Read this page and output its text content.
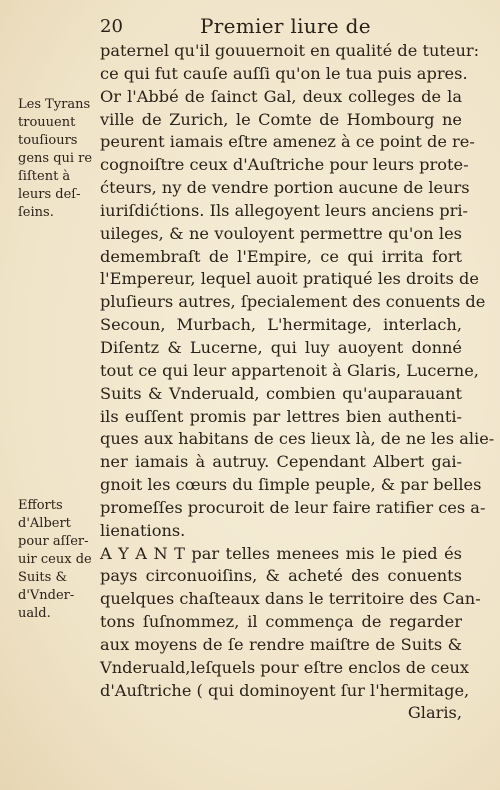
20	Premier liure de
paternel qu'il gouuernoit en qualité de tuteur:
ce qui fut cauſe auſſi qu'on le tua puis apres.
Or l'Abbé de ſainct Gal, deux colleges de la
ville de Zurich, le Comte de Hombourg ne
peurent iamais eſtre amenez à ce point de re-
cognoiſtre ceux d'Auſtriche pour leurs prote-
ćteurs, ny de vendre portion aucune de leurs
iuriſdićtions. Ils allegoyent leurs anciens pri-
uileges, & ne vouloyent permettre qu'on les
demembraſt de l'Empire, ce qui irrita fort
l'Empereur, lequel auoit pratiqué les droits de
pluſieurs autres, ſpecialement des conuents de
Secoun, Murbach, L'hermitage, interlach,
Diſentz & Lucerne, qui luy auoyent donné
tout ce qui leur appartenoit à Glaris, Lucerne,
Suits & Vnderuald, combien qu'auparauant
ils euſſent promis par lettres bien authenti-
ques aux habitans de ces lieux là, de ne les alie-
ner iamais à autruy. Cependant Albert gai-
gnoit les cœurs du ſimple peuple, & par belles
promeſſes procuroit de leur faire ratifier ces a-
lienations.
A Y A N T par telles menees mis le pied és
pays circonuoiſins, & acheté des conuents
quelques chaſteaux dans le territoire des Can-
tons ſuſnommez, il commença de regarder
aux moyens de ſe rendre maiſtre de Suits &
Vnderuald,leſquels pour eſtre enclos de ceux
d'Auſtriche ( qui dominoyent ſur l'hermitage,
Glaris,
Les Tyrans
trouuent
touſiours
gens qui re
ſiſtent à
leurs deſ-
ſeins.
Efforts
d'Albert
pour aſſer-
uir ceux de
Suits &
d'Vnder-
uald.
